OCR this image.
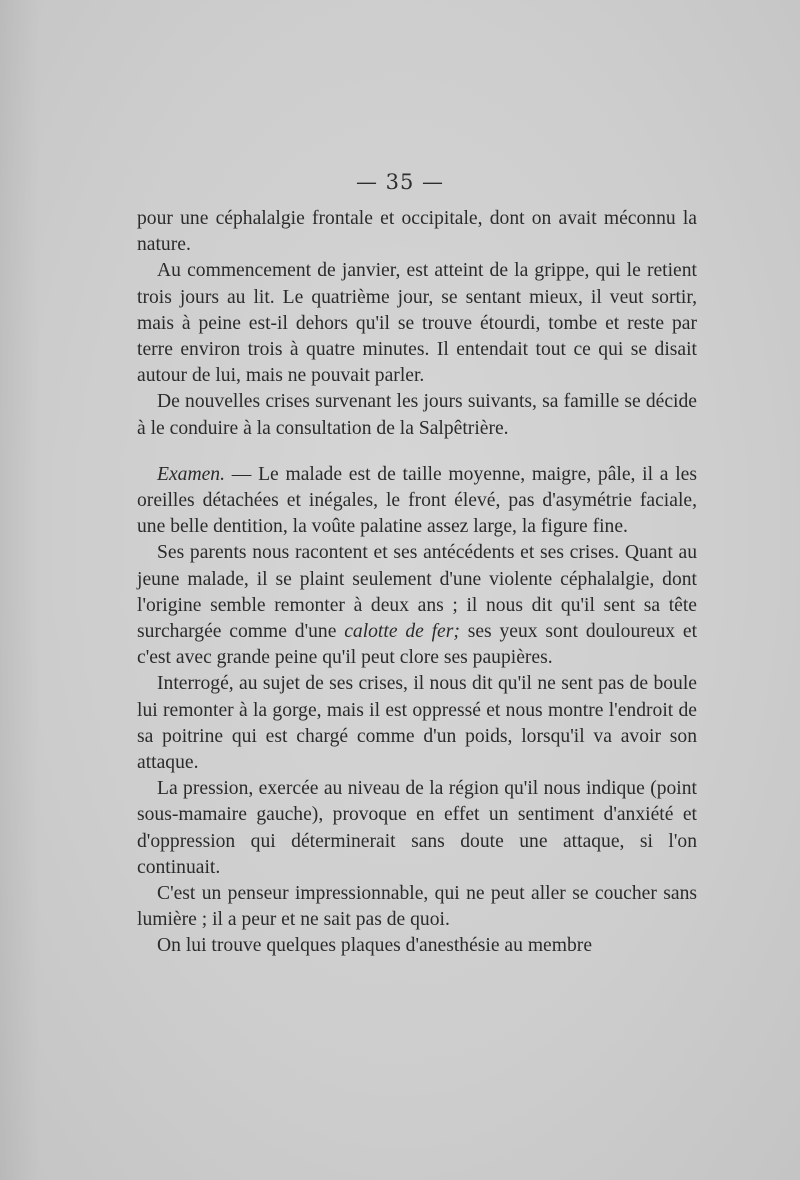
— 35 —

pour une céphalalgie frontale et occipitale, dont on avait méconnu la nature.

Au commencement de janvier, est atteint de la grippe, qui le retient trois jours au lit. Le quatrième jour, se sentant mieux, il veut sortir, mais à peine est-il dehors qu'il se trouve étourdi, tombe et reste par terre environ trois à quatre minutes. Il entendait tout ce qui se disait autour de lui, mais ne pouvait parler.

De nouvelles crises survenant les jours suivants, sa famille se décide à le conduire à la consultation de la Salpêtrière.

Examen. — Le malade est de taille moyenne, maigre, pâle, il a les oreilles détachées et inégales, le front élevé, pas d'asymétrie faciale, une belle dentition, la voûte palatine assez large, la figure fine.

Ses parents nous racontent et ses antécédents et ses crises. Quant au jeune malade, il se plaint seulement d'une violente céphalalgie, dont l'origine semble remonter à deux ans ; il nous dit qu'il sent sa tête surchargée comme d'une calotte de fer; ses yeux sont douloureux et c'est avec grande peine qu'il peut clore ses paupières.

Interrogé, au sujet de ses crises, il nous dit qu'il ne sent pas de boule lui remonter à la gorge, mais il est oppressé et nous montre l'endroit de sa poitrine qui est chargé comme d'un poids, lorsqu'il va avoir son attaque.

La pression, exercée au niveau de la région qu'il nous indique (point sous-mamaire gauche), provoque en effet un sentiment d'anxiété et d'oppression qui déterminerait sans doute une attaque, si l'on continuait.

C'est un penseur impressionnable, qui ne peut aller se coucher sans lumière ; il a peur et ne sait pas de quoi.

On lui trouve quelques plaques d'anesthésie au membre
